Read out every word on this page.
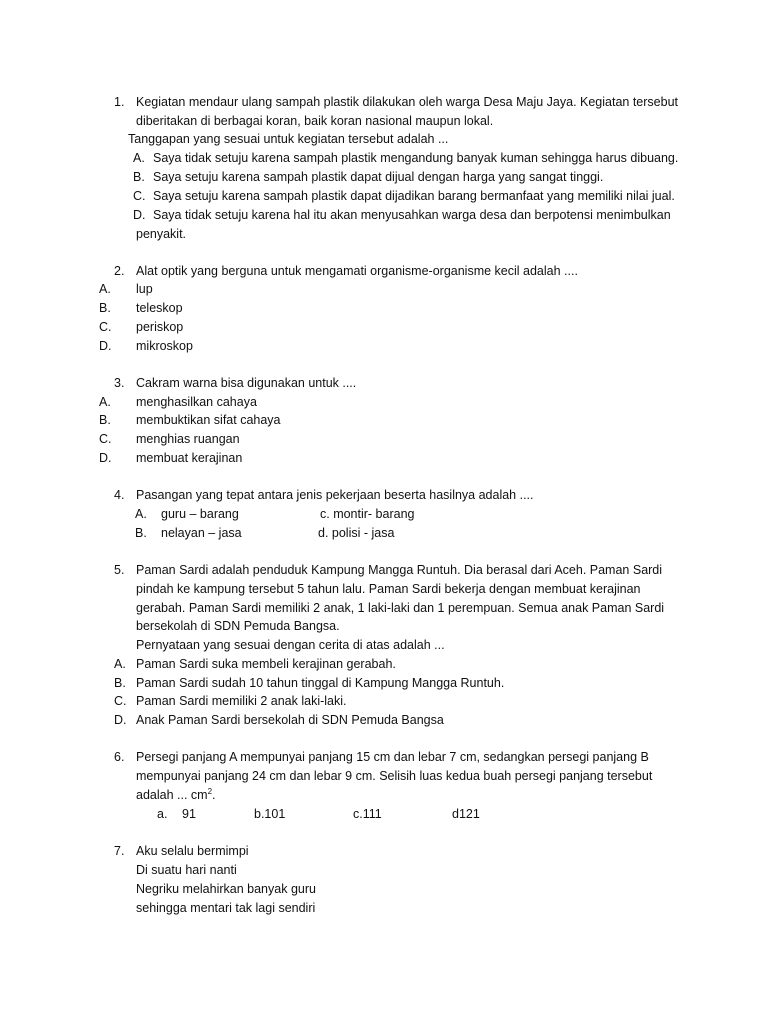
1. Kegiatan mendaur ulang sampah plastik dilakukan oleh warga Desa Maju Jaya. Kegiatan tersebut
diberitakan di berbagai koran, baik koran nasional maupun lokal.
Tanggapan yang sesuai untuk kegiatan tersebut adalah ...
A. Saya tidak setuju karena sampah plastik mengandung banyak kuman sehingga harus dibuang.
B. Saya setuju karena sampah plastik dapat dijual dengan harga yang sangat tinggi.
C. Saya setuju karena sampah plastik dapat dijadikan barang bermanfaat yang memiliki nilai jual.
D. Saya tidak setuju karena hal itu akan menyusahkan warga desa dan berpotensi menimbulkan
penyakit.
2. Alat optik yang berguna untuk mengamati organisme-organisme kecil adalah ....
A. lup
B. teleskop
C. periskop
D. mikroskop
3. Cakram warna bisa digunakan untuk ....
A. menghasilkan cahaya
B. membuktikan sifat cahaya
C. menghias ruangan
D. membuat kerajinan
4. Pasangan yang tepat antara jenis pekerjaan beserta hasilnya adalah ....
A. guru – barang	c. montir- barang
B. nelayan – jasa	d. polisi - jasa
5. Paman Sardi adalah penduduk Kampung Mangga Runtuh. Dia berasal dari Aceh. Paman Sardi
pindah ke kampung tersebut 5 tahun lalu. Paman Sardi bekerja dengan membuat kerajinan
gerabah. Paman Sardi memiliki 2 anak, 1 laki-laki dan 1 perempuan. Semua anak Paman Sardi
bersekolah di SDN Pemuda Bangsa.
Pernyataan yang sesuai dengan cerita di atas adalah ...
A. Paman Sardi suka membeli kerajinan gerabah.
B. Paman Sardi sudah 10 tahun tinggal di Kampung Mangga Runtuh.
C. Paman Sardi memiliki 2 anak laki-laki.
D. Anak Paman Sardi bersekolah di SDN Pemuda Bangsa
6. Persegi panjang A mempunyai panjang 15 cm dan lebar 7 cm, sedangkan persegi panjang B
mempunyai panjang 24 cm dan lebar 9 cm. Selisih luas kedua buah persegi panjang tersebut
adalah ... $cm^2$.
a. 91	b.101	c.111	d121
7. Aku selalu bermimpi
Di suatu hari nanti
Negriku melahirkan banyak guru
sehingga mentari tak lagi sendiri
